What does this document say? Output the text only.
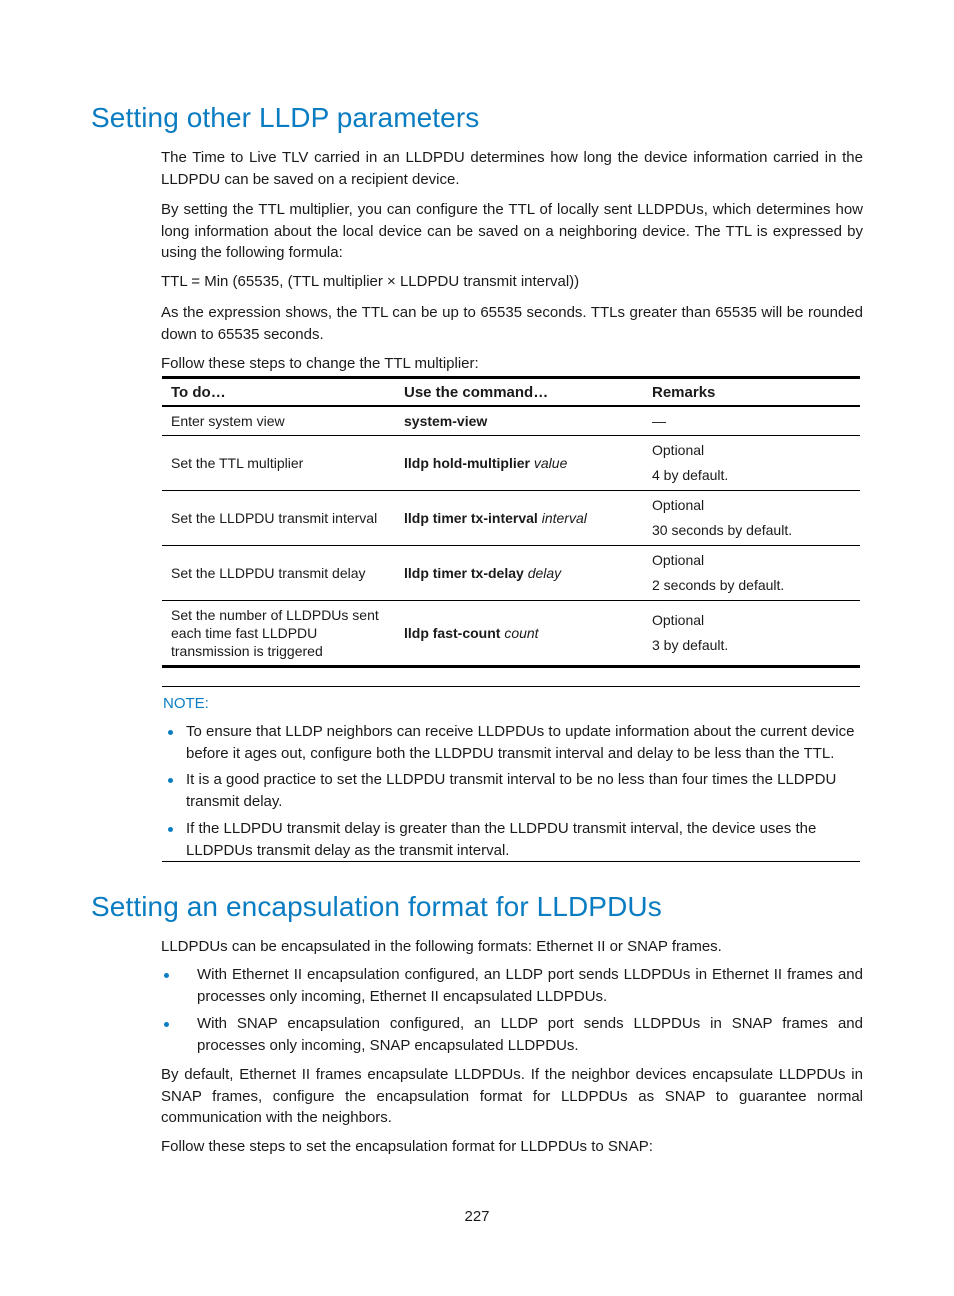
Setting other LLDP parameters

The Time to Live TLV carried in an LLDPDU determines how long the device information carried in the LLDPDU can be saved on a recipient device.

By setting the TTL multiplier, you can configure the TTL of locally sent LLDPDUs, which determines how long information about the local device can be saved on a neighboring device. The TTL is expressed by using the following formula:

TTL = Min (65535, (TTL multiplier × LLDPDU transmit interval))

As the expression shows, the TTL can be up to 65535 seconds. TTLs greater than 65535 will be rounded down to 65535 seconds.

Follow these steps to change the TTL multiplier:

To do…	Use the command…	Remarks
Enter system view	system-view	—
Set the TTL multiplier	lldp hold-multiplier value	Optional
4 by default.

Set the LLDPDU transmit interval	lldp timer tx-interval interval	Optional
30 seconds by default.

Set the LLDPDU transmit delay	lldp timer tx-delay delay	Optional
2 seconds by default.

Set the number of LLDPDUs sent each time fast LLDPDU transmission is triggered	lldp fast-count count	Optional
3 by default.
NOTE:

To ensure that LLDP neighbors can receive LLDPDUs to update information about the current device before it ages out, configure both the LLDPDU transmit interval and delay to be less than the TTL.

It is a good practice to set the LLDPDU transmit interval to be no less than four times the LLDPDU transmit delay.

If the LLDPDU transmit delay is greater than the LLDPDU transmit interval, the device uses the LLDPDUs transmit delay as the transmit interval.

Setting an encapsulation format for LLDPDUs

LLDPDUs can be encapsulated in the following formats: Ethernet II or SNAP frames.

With Ethernet II encapsulation configured, an LLDP port sends LLDPDUs in Ethernet II frames and processes only incoming, Ethernet II encapsulated LLDPDUs.

With SNAP encapsulation configured, an LLDP port sends LLDPDUs in SNAP frames and processes only incoming, SNAP encapsulated LLDPDUs.

By default, Ethernet II frames encapsulate LLDPDUs. If the neighbor devices encapsulate LLDPDUs in SNAP frames, configure the encapsulation format for LLDPDUs as SNAP to guarantee normal communication with the neighbors.

Follow these steps to set the encapsulation format for LLDPDUs to SNAP:

227
